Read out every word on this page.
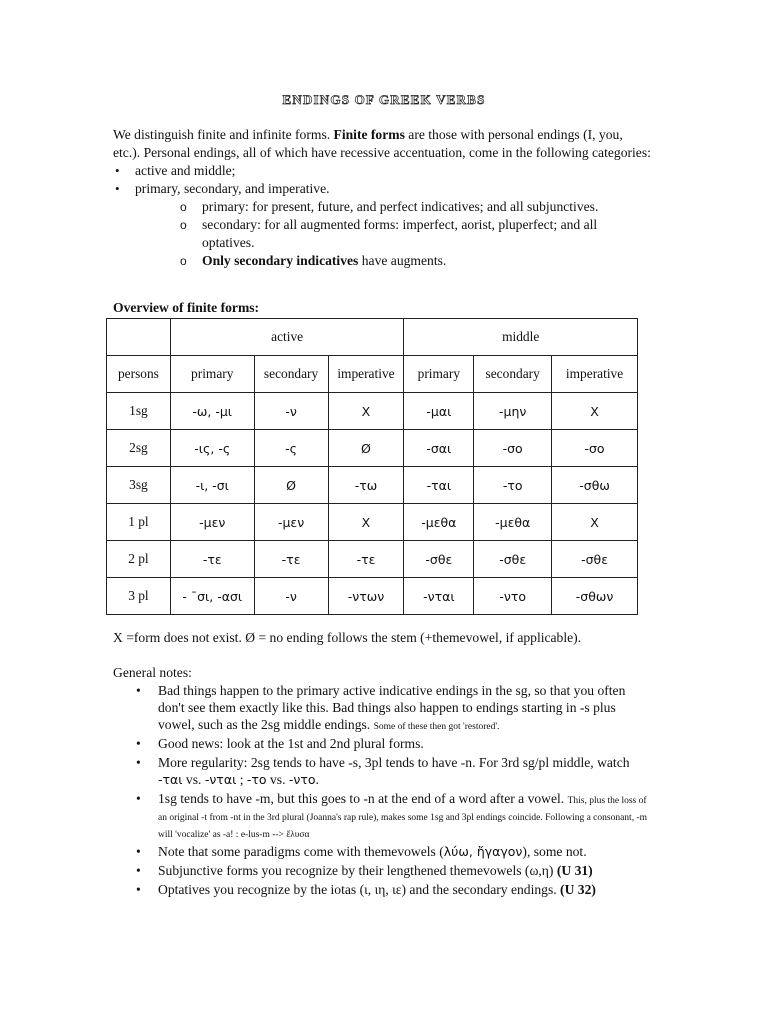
ENDINGS OF GREEK VERBS

We distinguish finite and infinite forms. Finite forms are those with personal endings (I, you, etc.). Personal endings, all of which have recessive accentuation, come in the following categories:

• active and middle;
• primary, secondary, and imperative.
o primary: for present, future, and perfect indicatives; and all subjunctives.
o secondary: for all augmented forms: imperfect, aorist, pluperfect; and all optatives.
o Only secondary indicatives have augments.
Overview of finite forms:
	active			middle		
persons	primary	secondary	imperative	primary	secondary	imperative
1sg	-ω, -μι	-ν	X	-μαι	-μην	X
2sg	-ις, -ς	-ς	Ø	-σαι	-σο	-σο
3sg	-ι, -σι	Ø	-τω	-ται	-το	-σθω
1 pl	-μεν	-μεν	X	-μεθα	-μεθα	X
2 pl	-τε	-τε	-τε	-σθε	-σθε	-σθε
3 pl	- ¯σι, -ασι	-ν	-ντων	-νται	-ντο	-σθων
X =form does not exist. Ø = no ending follows the stem (+themevowel, if applicable).
General notes:
• Bad things happen to the primary active indicative endings in the sg, so that you often don't see them exactly like this. Bad things also happen to endings starting in -s plus vowel, such as the 2sg middle endings. Some of these then got 'restored'.
• Good news: look at the 1st and 2nd plural forms.
• More regularity: 2sg tends to have -s, 3pl tends to have -n. For 3rd sg/pl middle, watch -ται vs. -νται ; -το vs. -ντο.
• 1sg tends to have -m, but this goes to -n at the end of a word after a vowel. This, plus the loss of an original -t from -nt in the 3rd plural (Joanna's rap rule), makes some 1sg and 3pl endings coincide. Following a consonant, -m will 'vocalize' as -a! : e-lus-m --> ἔλυσα
• Note that some paradigms come with themevowels (λύω, ἤγαγον), some not.
• Subjunctive forms you recognize by their lengthened themevowels (ω,η) (U 31)
• Optatives you recognize by the iotas (ι, ιη, ιε) and the secondary endings. (U 32)
